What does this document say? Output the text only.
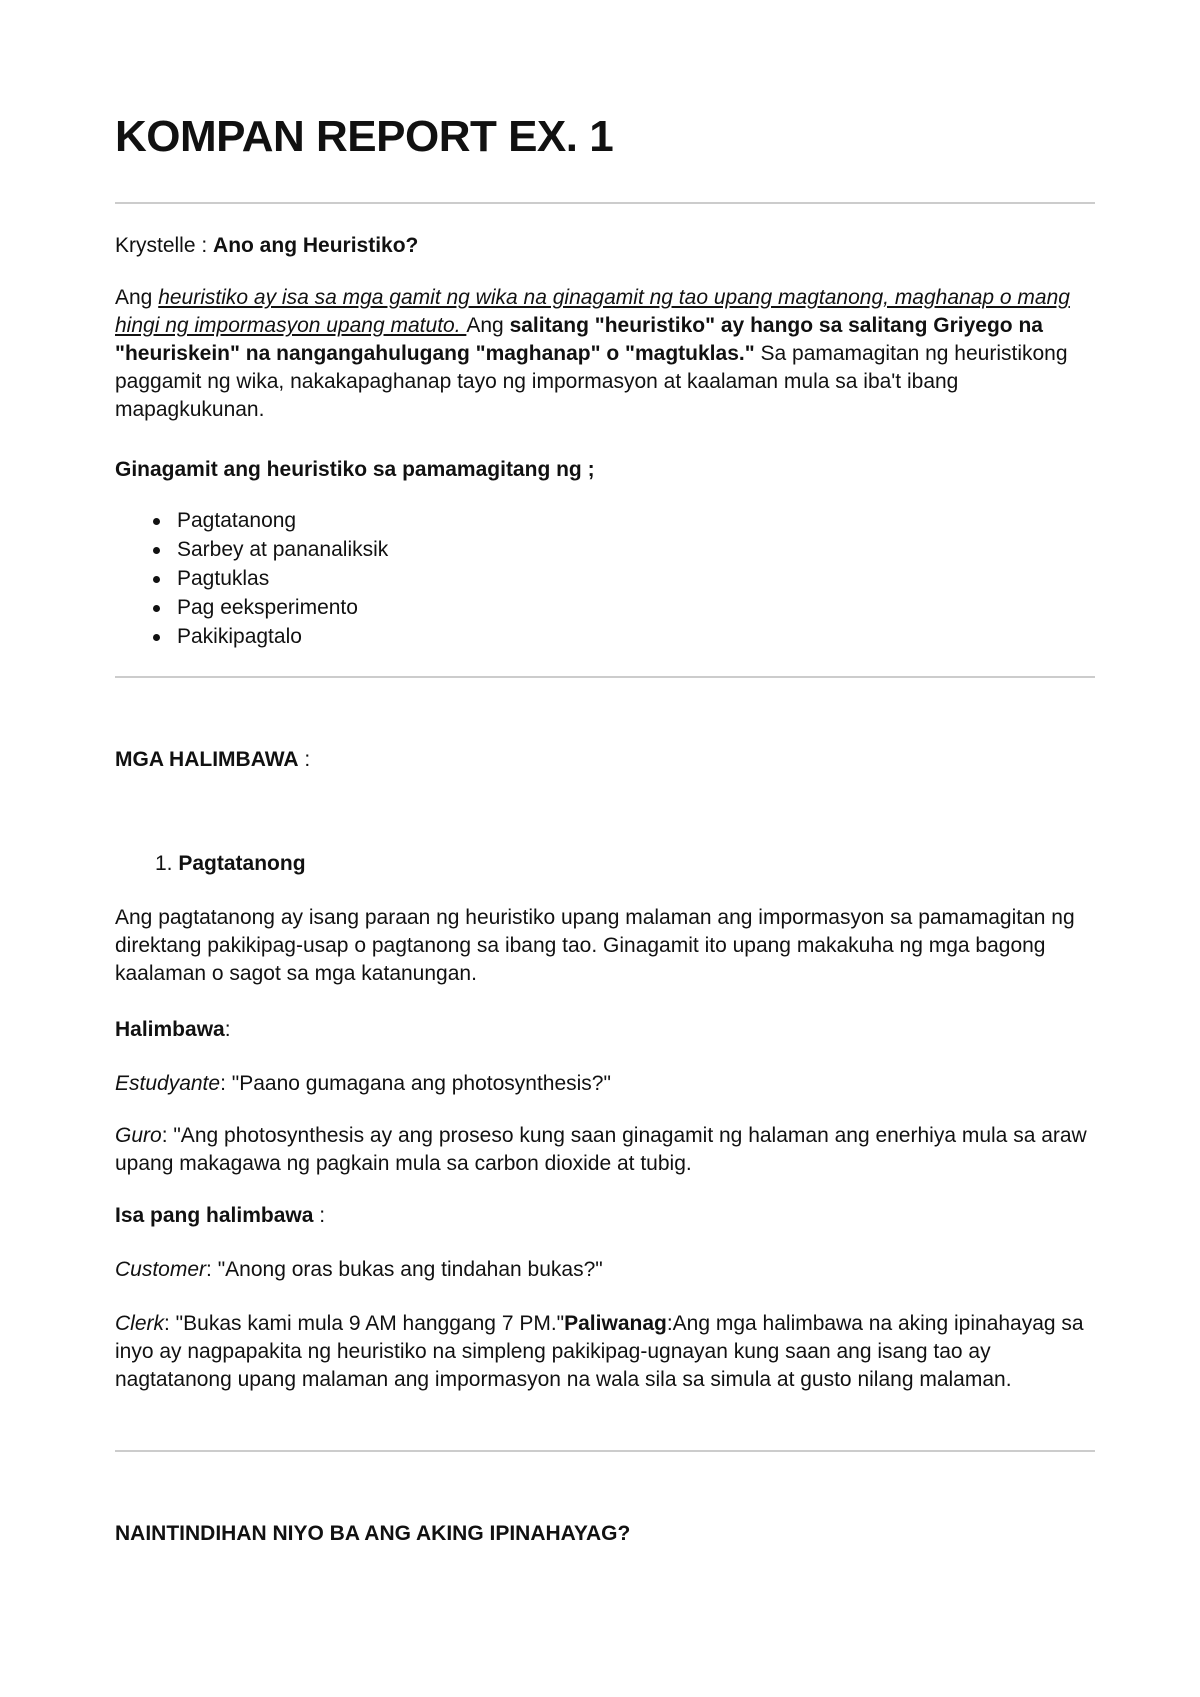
KOMPAN REPORT EX. 1

Krystelle : Ano ang Heuristiko?

Ang heuristiko ay isa sa mga gamit ng wika na ginagamit ng tao upang magtanong, maghanap o mang hingi ng impormasyon upang matuto. Ang salitang "heuristiko" ay hango sa salitang Griyego na "heuriskein" na nangangahulugang "maghanap" o "magtuklas." Sa pamamagitan ng heuristikong paggamit ng wika, nakakapaghanap tayo ng impormasyon at kaalaman mula sa iba't ibang mapagkukunan.

Ginagamit ang heuristiko sa pamamagitang ng ;

Pagtatanong
Sarbey at pananaliksik
Pagtuklas
Pag eeksperimento
Pakikipagtalo

MGA HALIMBAWA :

1. Pagtatanong

Ang pagtatanong ay isang paraan ng heuristiko upang malaman ang impormasyon sa pamamagitan ng direktang pakikipag-usap o pagtanong sa ibang tao. Ginagamit ito upang makakuha ng mga bagong kaalaman o sagot sa mga katanungan.

Halimbawa:

Estudyante: "Paano gumagana ang photosynthesis?"

Guro: "Ang photosynthesis ay ang proseso kung saan ginagamit ng halaman ang enerhiya mula sa araw upang makagawa ng pagkain mula sa carbon dioxide at tubig.

Isa pang halimbawa :

Customer: "Anong oras bukas ang tindahan bukas?"

Clerk: "Bukas kami mula 9 AM hanggang 7 PM."Paliwanag:Ang mga halimbawa na aking ipinahayag sa inyo ay nagpapakita ng heuristiko na simpleng pakikipag-ugnayan kung saan ang isang tao ay nagtatanong upang malaman ang impormasyon na wala sila sa simula at gusto nilang malaman.

NAINTINDIHAN NIYO BA ANG AKING IPINAHAYAG?
